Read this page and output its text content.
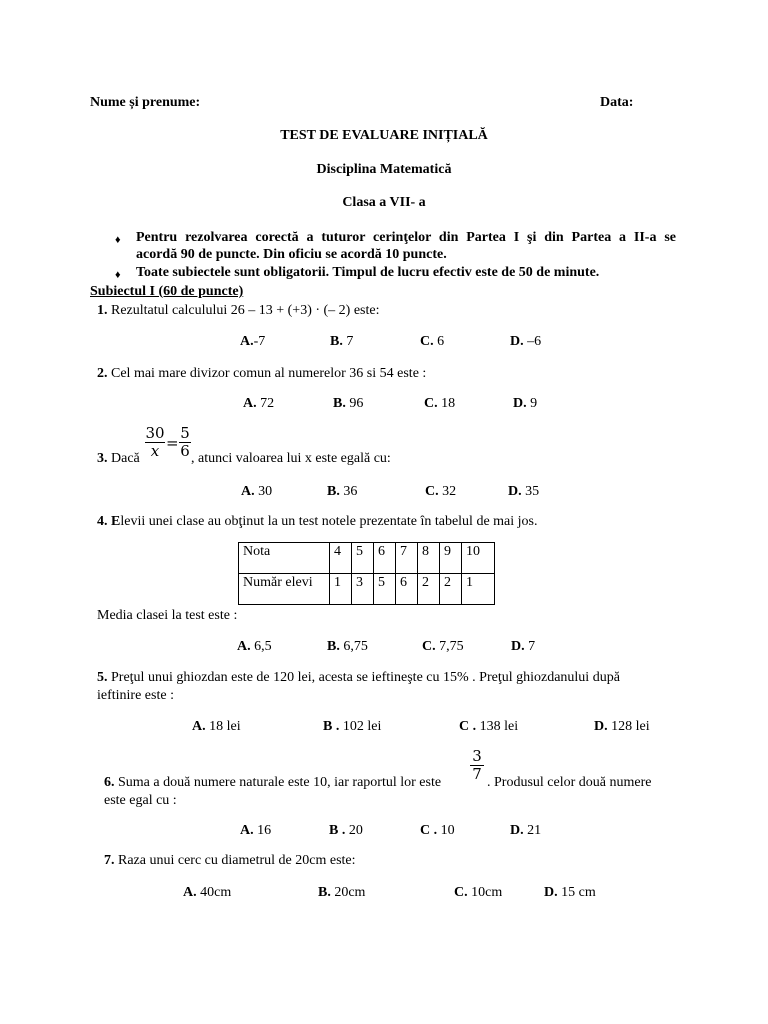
Nume și prenume:	Data:
TEST DE EVALUARE INIȚIALĂ
Disciplina Matematică
Clasa a VII- a
♦ Pentru rezolvarea corectă a tuturor cerinţelor din Partea I şi din Partea a II-a se
acordă 90 de puncte. Din oficiu se acordă 10 puncte.
♦ Toate subiectele sunt obligatorii. Timpul de lucru efectiv este de 50 de minute.
Subiectul I (60 de puncte)
1. Rezultatul calculului 26 – 13 + (+3) · (– 2) este:
A.-7	B. 7	C. 6	D. –6
2. Cel mai mare divizor comun al numerelor 36 si 54 este :
A. 72	B. 96	C. 18	D. 9
30
x =
5
6
3. Dacă	, atunci valoarea lui x este egală cu:
A. 30	B. 36	C. 32	D. 35
4. Elevii unei clase au obţinut la un test notele prezentate în tabelul de mai jos.
Nota	4	5	6	7	8	9	10
Număr elevi	1	3	5	6	2	2	1
Media clasei la test este :
A. 6,5	B. 6,75	C. 7,75	D. 7
5. Preţul unui ghiozdan este de 120 lei, acesta se ieftineşte cu 15% . Preţul ghiozdanului după
ieftinire este :
A. 18 lei	B . 102 lei	C . 138 lei	D. 128 lei
3
7
6. Suma a două numere naturale este 10, iar raportul lor este	. Produsul celor două numere
este egal cu :
A. 16	B . 20	C . 10	D. 21
7. Raza unui cerc cu diametrul de 20cm este:
A. 40cm	B. 20cm	C. 10cm	D. 15 cm
